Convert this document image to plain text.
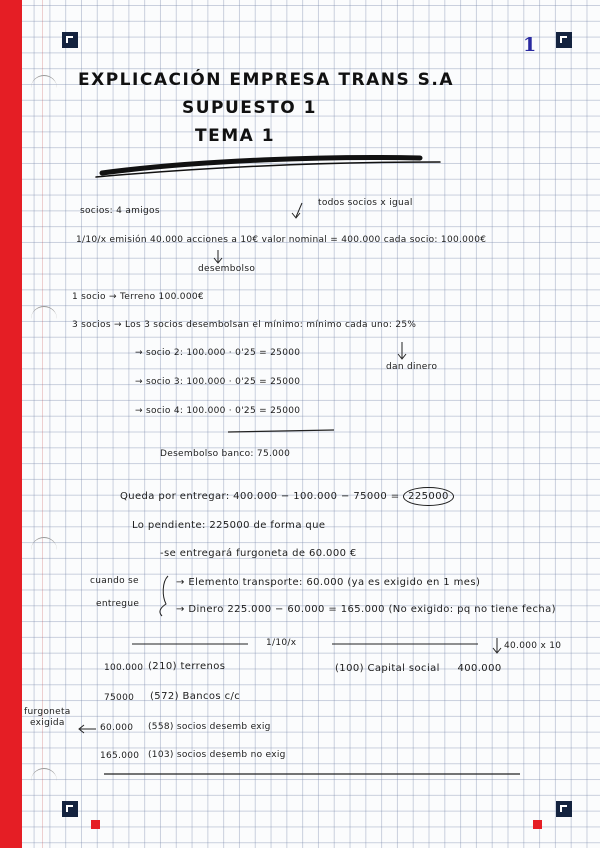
1
EXPLICACIÓN EMPRESA TRANS S.A
SUPUESTO 1
TEMA 1
socios: 4 amigos
todos socios x igual
1/10/x emisión 40.000 acciones a 10€ valor nominal = 400.000 cada socio: 100.000€
desembolso
1 socio → Terreno 100.000€
3 socios → Los 3 socios desembolsan el mínimo: mínimo cada uno: 25%
→ socio 2: 100.000 · 0'25 = 25000
→ socio 3: 100.000 · 0'25 = 25000
→ socio 4: 100.000 · 0'25 = 25000
dan dinero
Desembolso banco: 75.000
Queda por entregar: 400.000 − 100.000 − 75000 = 225000
Lo pendiente: 225000 de forma que
-se entregará furgoneta de 60.000 €
cuando se
entregue
→ Elemento transporte: 60.000 (ya es exigido en 1 mes)
→ Dinero 225.000 − 60.000 = 165.000 (No exigido: pq no tiene fecha)
1/10/x	40.000 x 10
100.000 (210) terrenos
75000 (572) Bancos c/c
60.000 (558) socios desemb exig
165.000 (103) socios desemb no exig
(100) Capital social 400.000
furgoneta
exigida
